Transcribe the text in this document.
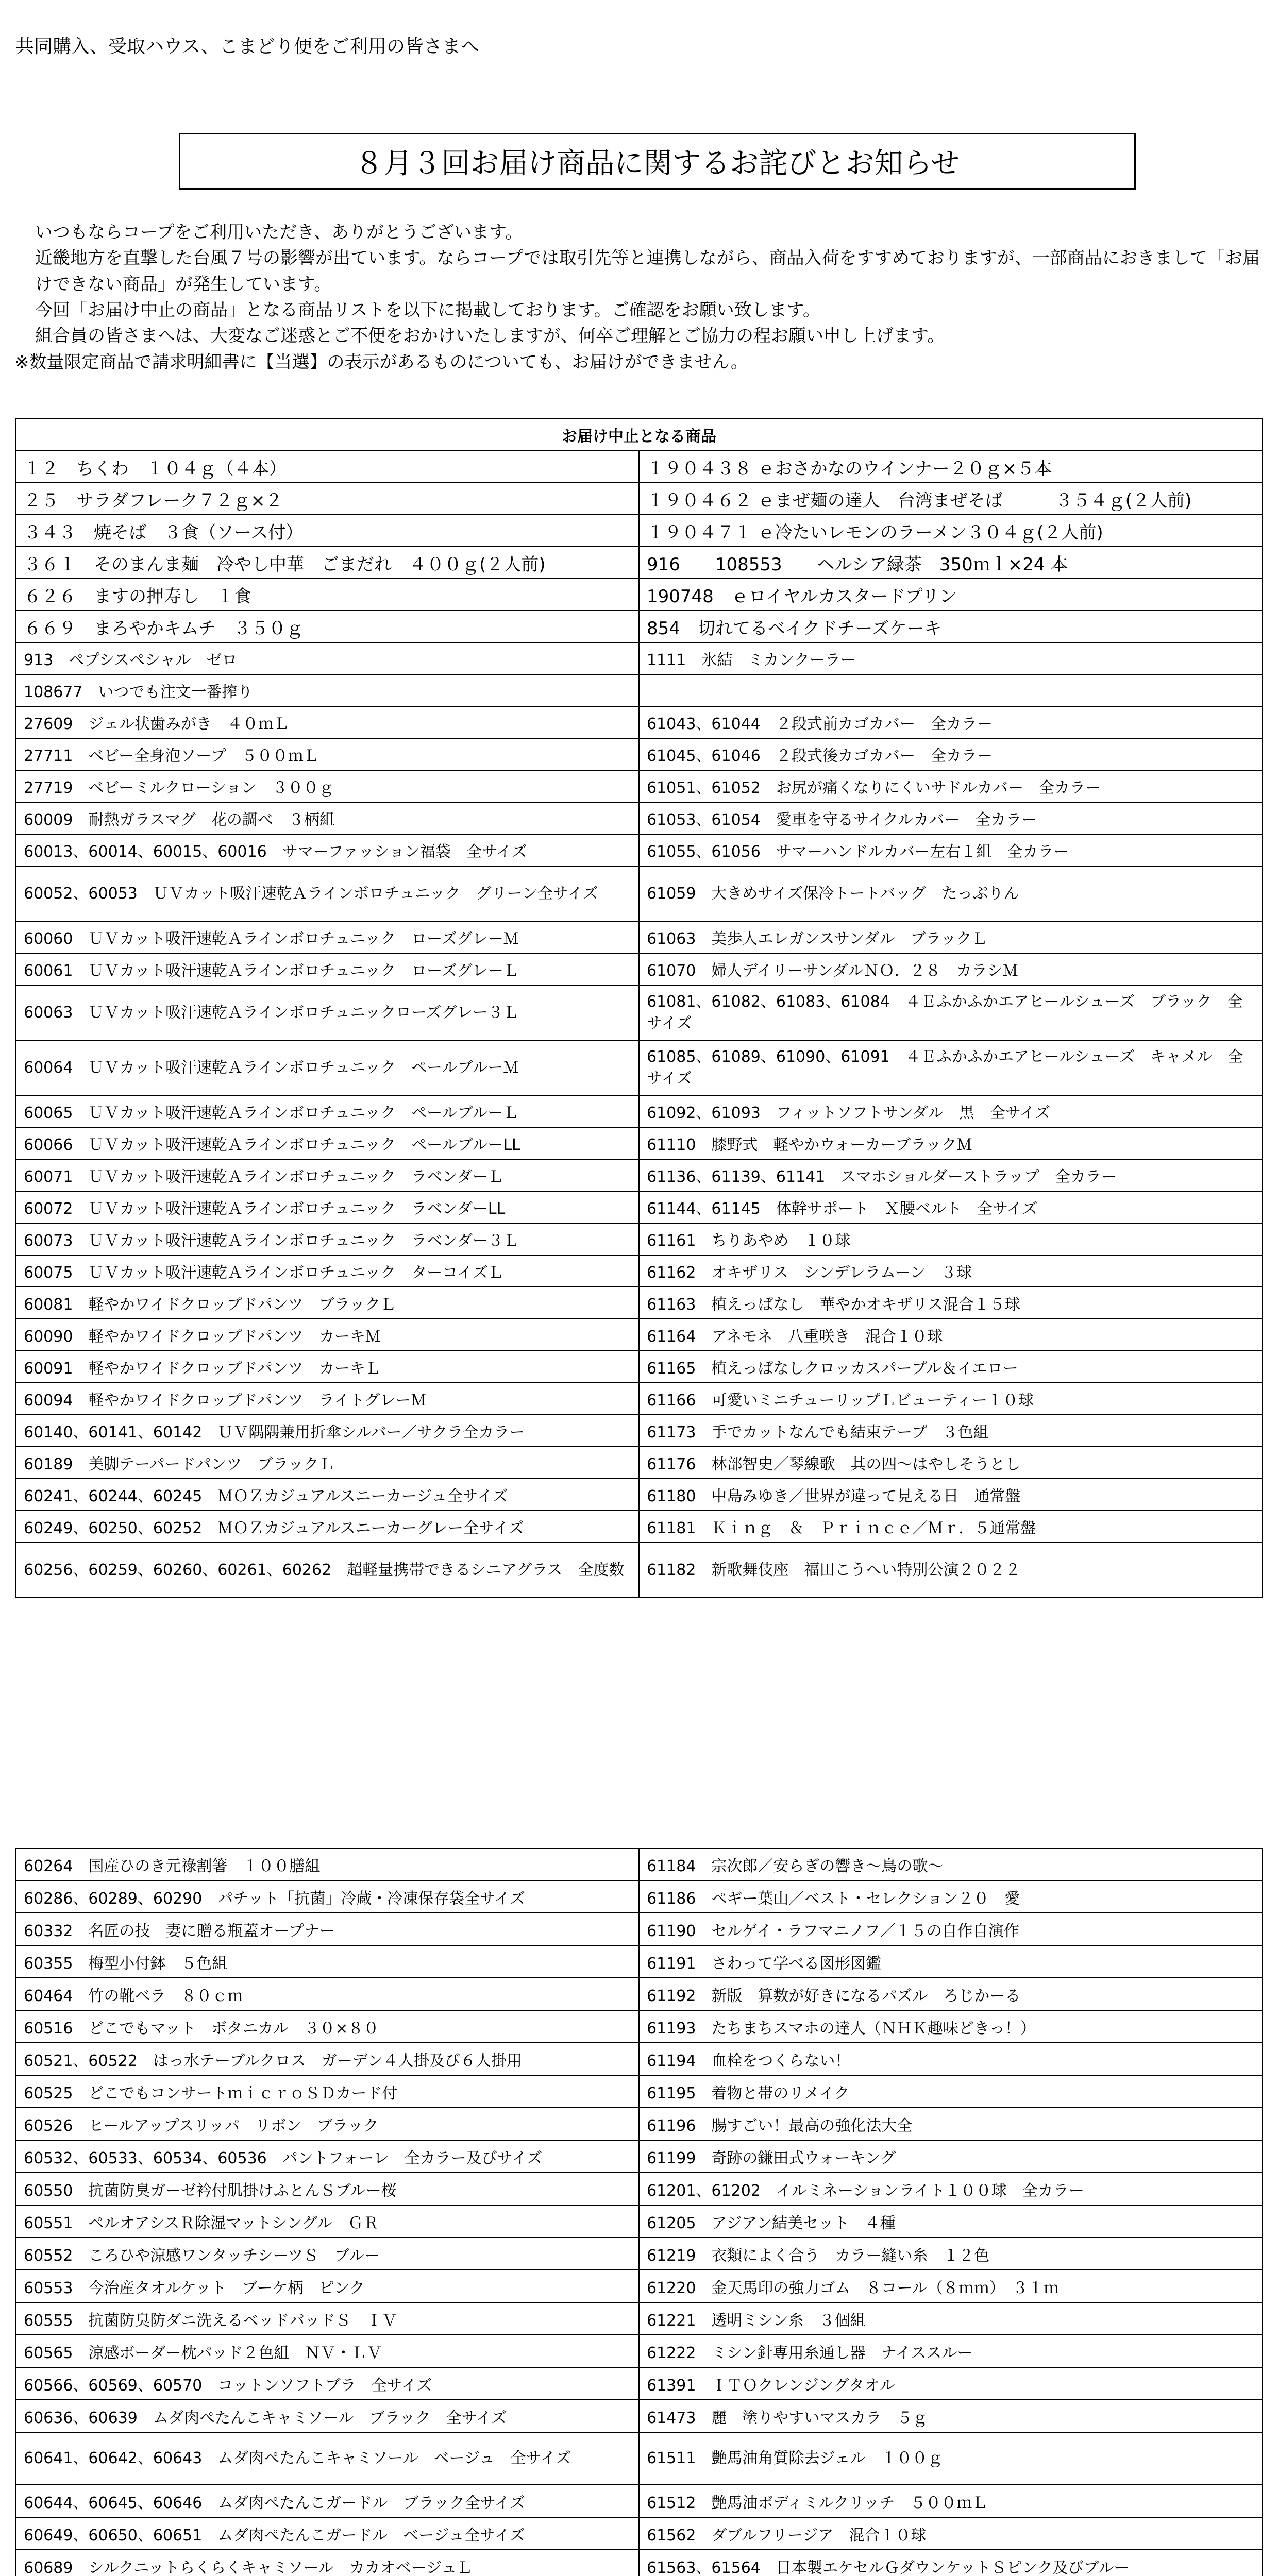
共同購入、受取ハウス、こまどり便をご利用の皆さまへ
８月３回お届け商品に関するお詫びとお知らせ

いつもならコープをご利用いただき、ありがとうございます。

近畿地方を直撃した台風７号の影響が出ています。ならコープでは取引先等と連携しながら、商品入荷をすすめておりますが、一部商品におきまして「お届けできない商品」が発生しています。

今回「お届け中止の商品」となる商品リストを以下に掲載しております。ご確認をお願い致します。

組合員の皆さまへは、大変なご迷惑とご不便をおかけいたしますが、何卒ご理解とご協力の程お願い申し上げます。

※数量限定商品で請求明細書に【当選】の表示があるものについても、お届けができません。

お届け中止となる商品	
１２　ちくわ　１０４ｇ（４本）	１９０４３８ ｅおさかなのウインナー２０ｇ×５本
２５　サラダフレーク７２ｇ×２	１９０４６２ ｅまぜ麺の達人　台湾まぜそば　　　３５４ｇ(２人前)
３４３　焼そば　３食（ソース付）	１９０４７１ ｅ冷たいレモンのラーメン３０４ｇ(２人前)
３６１　そのまんま麺　冷やし中華　ごまだれ　４００ｇ(２人前)	916　　108553　　ヘルシア緑茶　350ｍｌ×24 本
６２６　ますの押寿し　１食	190748　ｅロイヤルカスタードプリン
６６９　まろやかキムチ　３５０ｇ	854　切れてるベイクドチーズケーキ
913　ペプシスペシャル　ゼロ	1111　氷結　ミカンクーラー
108677　いつでも注文一番搾り	
27609　ジェル状歯みがき　４０ｍＬ	61043、61044　２段式前カゴカバー　全カラー
27711　ベビー全身泡ソープ　５００ｍＬ	61045、61046　２段式後カゴカバー　全カラー
27719　ベビーミルクローション　３００ｇ	61051、61052　お尻が痛くなりにくいサドルカバー　全カラー
60009　耐熱ガラスマグ　花の調べ　３柄組	61053、61054　愛車を守るサイクルカバー　全カラー
60013、60014、60015、60016　サマーファッション福袋　全サイズ	61055、61056　サマーハンドルカバー左右１組　全カラー
60052、60053　ＵＶカット吸汗速乾Ａラインボロチュニック　グリーン全サイズ	61059　大きめサイズ保冷トートバッグ　たっぷりん
60060　ＵＶカット吸汗速乾Ａラインボロチュニック　ローズグレーＭ	61063　美歩人エレガンスサンダル　ブラックＬ
60061　ＵＶカット吸汗速乾Ａラインボロチュニック　ローズグレーＬ	61070　婦人デイリーサンダルＮＯ．２８　カラシＭ
60063　ＵＶカット吸汗速乾Ａラインボロチュニックローズグレー３Ｌ	61081、61082、61083、61084　４Ｅふかふかエアヒールシューズ　ブラック　全サイズ
60064　ＵＶカット吸汗速乾Ａラインボロチュニック　ペールブルーＭ	61085、61089、61090、61091　４Ｅふかふかエアヒールシューズ　キャメル　全サイズ
60065　ＵＶカット吸汗速乾Ａラインボロチュニック　ペールブルーＬ	61092、61093　フィットソフトサンダル　黒　全サイズ
60066　ＵＶカット吸汗速乾Ａラインボロチュニック　ペールブルーLL	61110　膝野式　軽やかウォーカーブラックＭ
60071　ＵＶカット吸汗速乾Ａラインボロチュニック　ラベンダーＬ	61136、61139、61141　スマホショルダーストラップ　全カラー
60072　ＵＶカット吸汗速乾Ａラインボロチュニック　ラベンダーLL	61144、61145　体幹サポート　Ｘ腰ベルト　全サイズ
60073　ＵＶカット吸汗速乾Ａラインボロチュニック　ラベンダー３Ｌ	61161　ちりあやめ　１０球
60075　ＵＶカット吸汗速乾Ａラインボロチュニック　ターコイズＬ	61162　オキザリス　シンデレラムーン　３球
60081　軽やかワイドクロップドパンツ　ブラックＬ	61163　植えっぱなし　華やかオキザリス混合１５球
60090　軽やかワイドクロップドパンツ　カーキＭ	61164　アネモネ　八重咲き　混合１０球
60091　軽やかワイドクロップドパンツ　カーキＬ	61165　植えっぱなしクロッカスパープル＆イエロー
60094　軽やかワイドクロップドパンツ　ライトグレーＭ	61166　可愛いミニチューリップＬビューティー１０球
60140、60141、60142　ＵＶ隅隅兼用折傘シルバー／サクラ全カラー	61173　手でカットなんでも結束テープ　３色組
60189　美脚テーパードパンツ　ブラックＬ	61176　林部智史／琴線歌　其の四～はやしそうとし
60241、60244、60245　ＭＯＺカジュアルスニーカージュ全サイズ	61180　中島みゆき／世界が違って見える日　通常盤
60249、60250、60252　ＭＯＺカジュアルスニーカーグレー全サイズ	61181　Ｋｉｎｇ　＆　Ｐｒｉｎｃｅ／Ｍｒ．５通常盤
60256、60259、60260、60261、60262　超軽量携帯できるシニアグラス　全度数	61182　新歌舞伎座　福田こうへい特別公演２０２２
60264　国産ひのき元祿割箸　１００膳組	61184　宗次郎／安らぎの響き～鳥の歌～
60286、60289、60290　パチット「抗菌」冷蔵・冷凍保存袋全サイズ	61186　ペギー葉山／ベスト・セレクション２０　愛
60332　名匠の技　妻に贈る瓶蓋オープナー	61190　セルゲイ・ラフマニノフ／１５の自作自演作
60355　梅型小付鉢　５色組	61191　さわって学べる図形図鑑
60464　竹の靴ベラ　８０ｃｍ	61192　新版　算数が好きになるパズル　ろじかーる
60516　どこでもマット　ボタニカル　３０×８０	61193　たちまちスマホの達人（ＮＨＫ趣味どきっ！）
60521、60522　はっ水テーブルクロス　ガーデン４人掛及び６人掛用	61194　血栓をつくらない！
60525　どこでもコンサートｍｉｃｒｏＳＤカード付	61195　着物と帯のリメイク
60526　ヒールアップスリッパ　リボン　ブラック	61196　腸すごい！最高の強化法大全
60532、60533、60534、60536　パントフォーレ　全カラー及びサイズ	61199　奇跡の鎌田式ウォーキング
60550　抗菌防臭ガーゼ衿付肌掛けふとんＳブルー桜	61201、61202　イルミネーションライト１００球　全カラー
60551　ペルオアシスＲ除湿マットシングル　ＧＲ	61205　アジアン結美セット　４種
60552　ころひや涼感ワンタッチシーツＳ　ブルー	61219　衣類によく合う　カラー縫い糸　１２色
60553　今治産タオルケット　ブーケ柄　ピンク	61220　金天馬印の強力ゴム　８コール（８ｍｍ）　３１ｍ
60555　抗菌防臭防ダニ洗えるベッドパッドＳ　ＩＶ	61221　透明ミシン糸　３個組
60565　涼感ボーダー枕パッド２色組　ＮＶ・ＬＶ	61222　ミシン針専用糸通し器　ナイススルー
60566、60569、60570　コットンソフトブラ　全サイズ	61391　ＩＴＯクレンジングタオル
60636、60639　ムダ肉ぺたんこキャミソール　ブラック　全サイズ	61473　麗　塗りやすいマスカラ　５ｇ
60641、60642、60643　ムダ肉ぺたんこキャミソール　ベージュ　全サイズ	61511　艶馬油角質除去ジェル　１００ｇ
60644、60645、60646　ムダ肉ぺたんこガードル　ブラック全サイズ	61512　艶馬油ボディミルクリッチ　５００ｍＬ
60649、60650、60651　ムダ肉ぺたんこガードル　ベージュ全サイズ	61562　ダブルフリージア　混合１０球
60689　シルクニットらくらくキャミソール　カカオベージュＬ	61563、61564　日本製エケセルＧダウンケットＳピンク及びブルー
